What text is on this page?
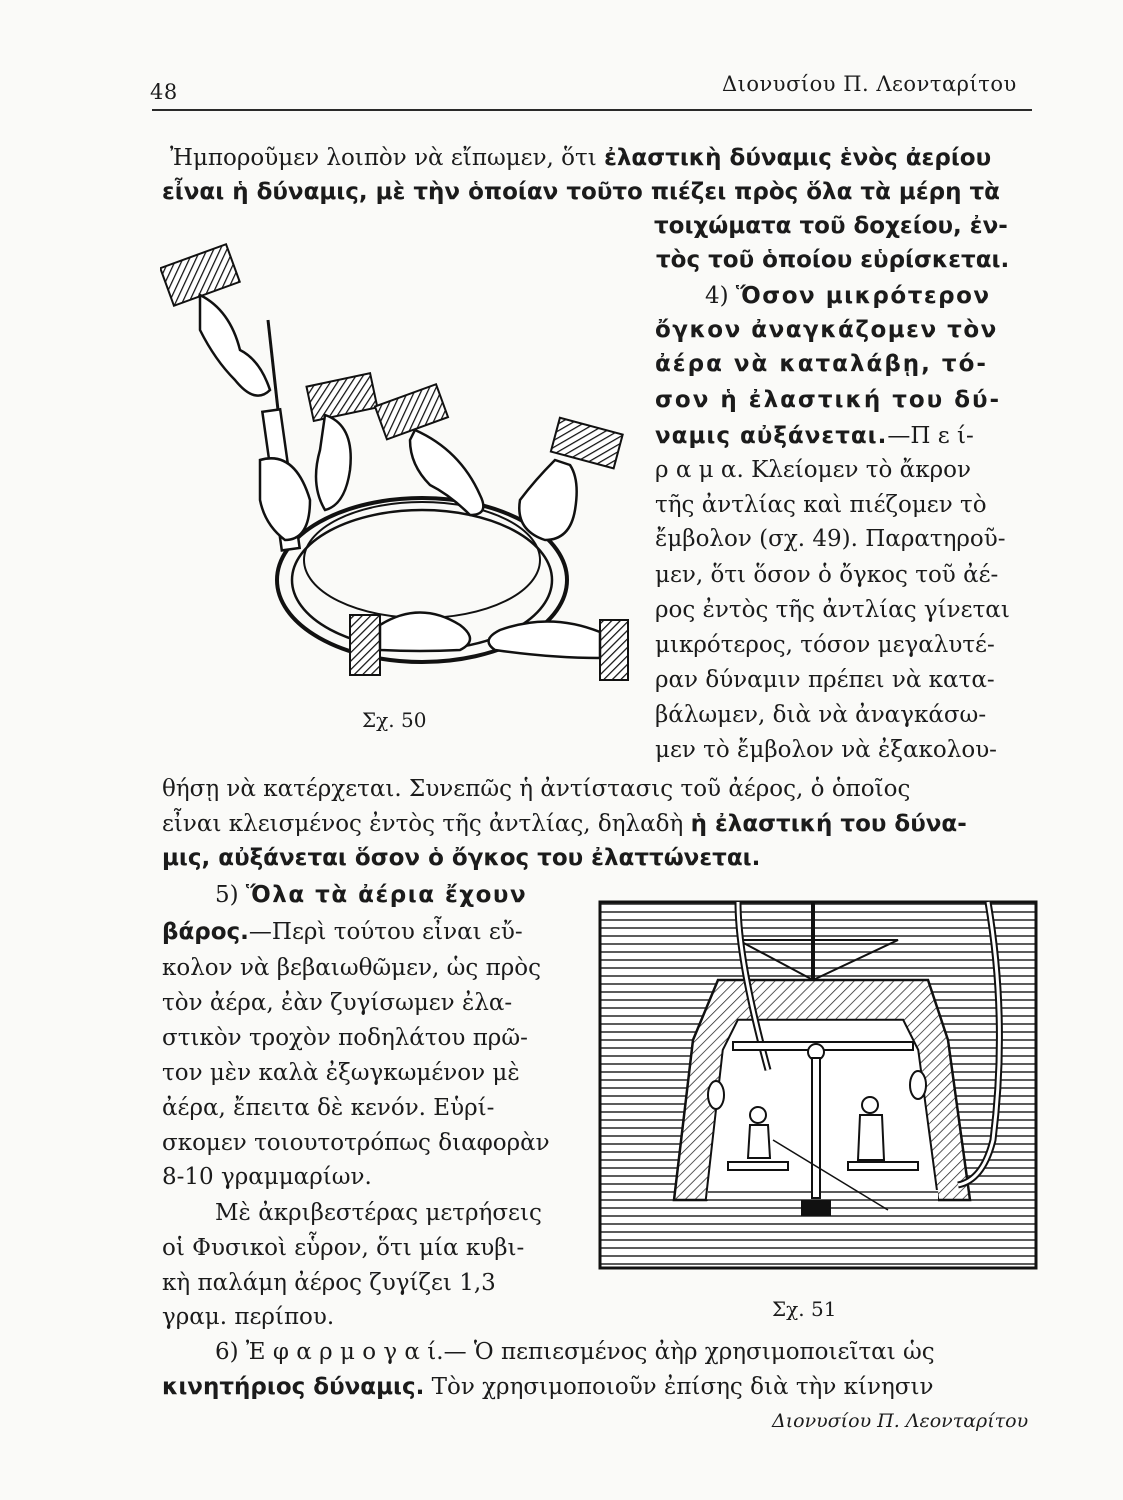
48	Διονυσίου Π. Λεονταρίτου
Ἠμποροῦμεν λοιπὸν νὰ εἴπωμεν, ὅτι ἐλαστικὴ δύναμις ἑνὸς ἀερίου
εἶναι ἡ δύναμις, μὲ τὴν ὁποίαν τοῦτο πιέζει πρὸς ὅλα τὰ μέρη τὰ
τοιχώματα τοῦ δοχείου, ἐν-
τὸς τοῦ ὁποίου εὑρίσκεται.
4) Ὅσον μικρότερον
ὄγκον ἀναγκάζομεν τὸν
ἀέρα νὰ καταλάβῃ, τό-
σον ἡ ἐλαστική του δύ-
ναμις αὐξάνεται.—Π ε ί-
ρ α μ α. Κλείομεν τὸ ἄκρον
τῆς ἀντλίας καὶ πιέζομεν τὸ
ἔμβολον (σχ. 49). Παρατηροῦ-
μεν, ὅτι ὅσον ὁ ὄγκος τοῦ ἀέ-
ρος ἐντὸς τῆς ἀντλίας γίνεται
μικρότερος, τόσον μεγαλυτέ-
ραν δύναμιν πρέπει νὰ κατα-
βάλωμεν, διὰ νὰ ἀναγκάσω-
μεν τὸ ἔμβολον νὰ ἐξακολου-
θήσῃ νὰ κατέρχεται. Συνεπῶς ἡ ἀντίστασις τοῦ ἀέρος, ὁ ὁποῖος
εἶναι κλεισμένος ἐντὸς τῆς ἀντλίας, δηλαδὴ ἡ ἐλαστική του δύνα-
μις, αὐξάνεται ὅσον ὁ ὄγκος του ἐλαττώνεται.
5) Ὅλα τὰ ἀέρια ἔχουν
βάρος.—Περὶ τούτου εἶναι εὔ-
κολον νὰ βεβαιωθῶμεν, ὡς πρὸς
τὸν ἀέρα, ἐὰν ζυγίσωμεν ἐλα-
στικὸν τροχὸν ποδηλάτου πρῶ-
τον μὲν καλὰ ἐξωγκωμένον μὲ
ἀέρα, ἔπειτα δὲ κενόν. Εὑρί-
σκομεν τοιουτοτρόπως διαφορὰν
8-10 γραμμαρίων.
Μὲ ἀκριβεστέρας μετρήσεις
οἱ Φυσικοὶ εὗρον, ὅτι μία κυβι-
κὴ παλάμη ἀέρος ζυγίζει 1,3
γραμ. περίπου.
6) Ἐ φ α ρ μ ο γ α ί.— Ὁ πεπιεσμένος ἀὴρ χρησιμοποιεῖται ὡς
κινητήριος δύναμις. Τὸν χρησιμοποιοῦν ἐπίσης διὰ τὴν κίνησιν
Σχ. 50
Σχ. 51
Διονυσίου Π. Λεονταρίτου
